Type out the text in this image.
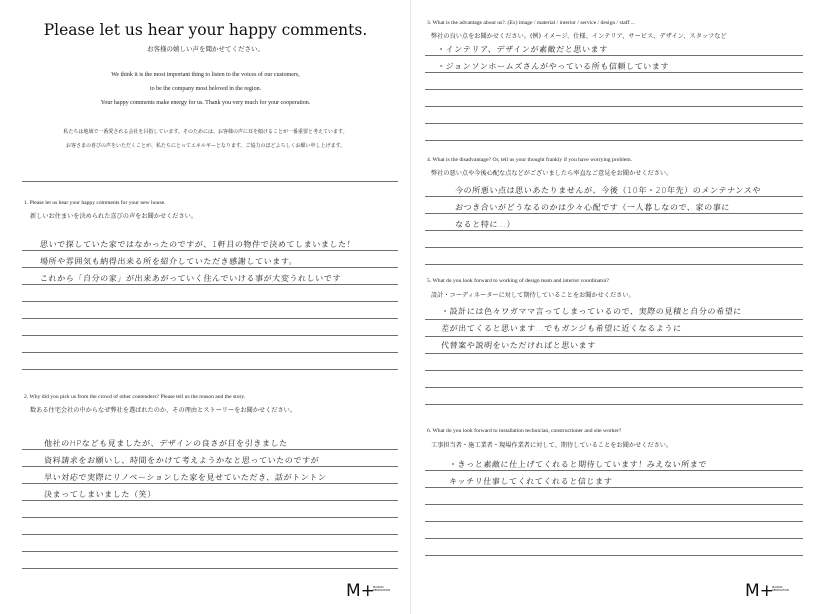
Please let us hear your happy comments.
お客様の嬉しい声を聞かせてください。
We think it is the most important thing to listen to the voices of our customers,
to be the company most beloved in the region.
Your happy comments make energy for us. Thank you very much for your cooperation.
私たちは地域で一番愛される会社を目指しています。そのためには、お客様の声に耳を傾けることが一番重要と考えています。
お客さまの喜びの声をいただくことが、私たちにとってエネルギーとなります。ご協力のほどよろしくお願い申し上げます。
1. Please let us hear your happy comments for your new house.
新しいお住まいを決められた喜びの声をお聞かせください。
思いで探していた家ではなかったのですが、1軒目の物件で決めてしまいました！
場所や雰囲気も納得出来る所を紹介していただき感謝しています。
これから「自分の家」が出来あがっていく住んでいける事が大変うれしいです
2. Why did you pick us from the crowd of other contenders? Please tell us the reason and the story.
数ある住宅会社の中からなぜ弊社を選ばれたのか、その理由とストーリーをお聞かせください。
他社のHPなども見ましたが、デザインの良さが目を引きました
資料請求をお願いし、時間をかけて考えようかなと思っていたのですが
早い対応で実際にリノベーションした家を見せていただき、話がトントン
決まってしまいました（笑）
M+
MAISON
RENOVATION
3. What is the advantage about us?. (Ex) image / material / interior / service / design / staff ...
弊社の良い点をお聞かせください。(例) イメージ、仕様、インテリア、サービス、デザイン、スタッフなど
・インテリア、デザインが素敵だと思います
・ジョンソンホームズさんがやっている所も信頼しています
4. What is the disadvantage? Or, tell us your thought frankly if you have worrying problem.
弊社の悪い点や今後心配な点などがございましたら率直なご意見をお聞かせください。
今の所悪い点は思いあたりませんが、今後（10年・20年先）のメンテナンスや
おつき合いがどうなるのかは少々心配です（一人暮しなので、家の事に
なると特に…）
5. What do you look forward to working of design team and interior coordinator?
設計・コーディネーターに対して期待していることをお聞かせください。
・設計には色々ワガママ言ってしまっているので、実際の見積と自分の希望に
差が出てくると思います…でもガンジも希望に近くなるように
代替案や説明をいただければと思います
6. What do you look forward to installation technician, constructioner and site worker?
工事担当者・施工業者・現場作業者に対して、期待していることをお聞かせください。
・きっと素敵に仕上げてくれると期待しています！みえない所まで
キッチリ仕事してくれてくれると信じます
M+
MAISON
RENOVATION
